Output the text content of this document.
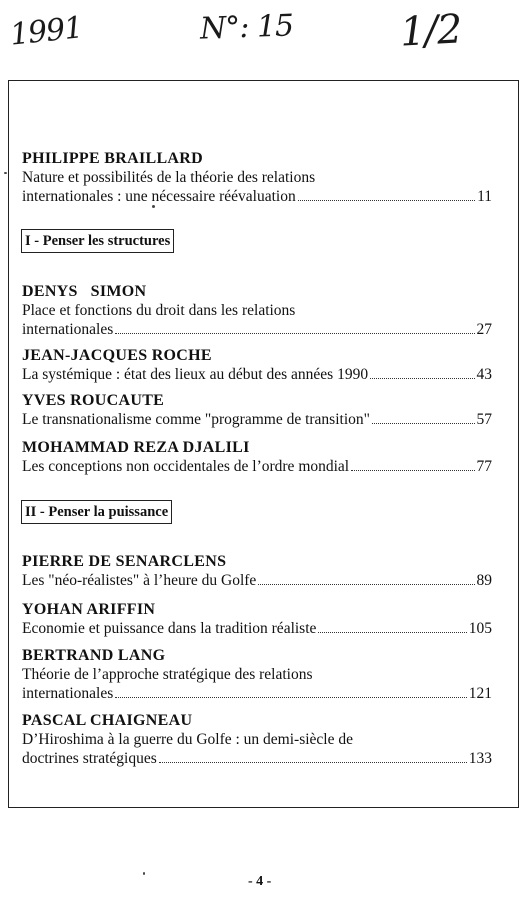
1991	N°: 15	1/2
PHILIPPE BRAILLARD
Nature et possibilités de la théorie des relations
internationales : une nécessaire réévaluation	11
I - Penser les structures
DENYS   SIMON
Place et fonctions du droit dans les relations
internationales	27
JEAN-JACQUES ROCHE
La systémique : état des lieux au début des années 1990	43
YVES ROUCAUTE
Le transnationalisme comme "programme de transition"	57
MOHAMMAD REZA DJALILI
Les conceptions non occidentales de l’ordre mondial	77
II - Penser la puissance
PIERRE DE SENARCLENS
Les "néo-réalistes" à l’heure du Golfe	89
YOHAN ARIFFIN
Economie et puissance dans la tradition réaliste	105
BERTRAND LANG
Théorie de l’approche stratégique des relations
internationales	121
PASCAL CHAIGNEAU
D’Hiroshima à la guerre du Golfe : un demi-siècle de
doctrines stratégiques	133
- 4 -
